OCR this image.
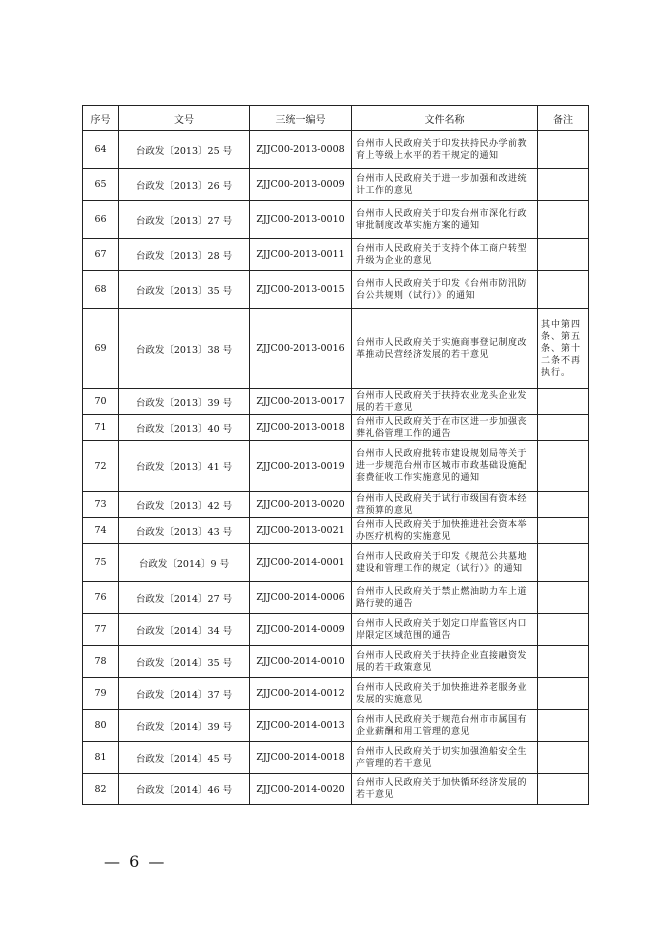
序号	文号	三统一编号	文件名称	备注
64	台政发〔2013〕25 号	ZJJC00-2013-0008	台州市人民政府关于印发扶持民办学前教育上等级上水平的若干规定的通知	
65	台政发〔2013〕26 号	ZJJC00-2013-0009	台州市人民政府关于进一步加强和改进统计工作的意见	
66	台政发〔2013〕27 号	ZJJC00-2013-0010	台州市人民政府关于印发台州市深化行政审批制度改革实施方案的通知	
67	台政发〔2013〕28 号	ZJJC00-2013-0011	台州市人民政府关于支持个体工商户转型升级为企业的意见	
68	台政发〔2013〕35 号	ZJJC00-2013-0015	台州市人民政府关于印发《台州市防汛防台公共规则（试行）》的通知	
69	台政发〔2013〕38 号	ZJJC00-2013-0016	台州市人民政府关于实施商事登记制度改革推动民营经济发展的若干意见	其中第四条、第五条、第十二条不再执行。
70	台政发〔2013〕39 号	ZJJC00-2013-0017	台州市人民政府关于扶持农业龙头企业发展的若干意见	
71	台政发〔2013〕40 号	ZJJC00-2013-0018	台州市人民政府关于在市区进一步加强丧葬礼俗管理工作的通告	
72	台政发〔2013〕41 号	ZJJC00-2013-0019	台州市人民政府批转市建设规划局等关于进一步规范台州市区城市市政基础设施配套费征收工作实施意见的通知	
73	台政发〔2013〕42 号	ZJJC00-2013-0020	台州市人民政府关于试行市级国有资本经营预算的意见	
74	台政发〔2013〕43 号	ZJJC00-2013-0021	台州市人民政府关于加快推进社会资本举办医疗机构的实施意见	
75	台政发〔2014〕9 号	ZJJC00-2014-0001	台州市人民政府关于印发《规范公共墓地建设和管理工作的规定（试行）》的通知	
76	台政发〔2014〕27 号	ZJJC00-2014-0006	台州市人民政府关于禁止燃油助力车上道路行驶的通告	
77	台政发〔2014〕34 号	ZJJC00-2014-0009	台州市人民政府关于划定口岸监管区内口岸限定区域范围的通告	
78	台政发〔2014〕35 号	ZJJC00-2014-0010	台州市人民政府关于扶持企业直接融资发展的若干政策意见	
79	台政发〔2014〕37 号	ZJJC00-2014-0012	台州市人民政府关于加快推进养老服务业发展的实施意见	
80	台政发〔2014〕39 号	ZJJC00-2014-0013	台州市人民政府关于规范台州市市属国有企业薪酬和用工管理的意见	
81	台政发〔2014〕45 号	ZJJC00-2014-0018	台州市人民政府关于切实加强渔船安全生产管理的若干意见	
82	台政发〔2014〕46 号	ZJJC00-2014-0020	台州市人民政府关于加快循环经济发展的若干意见	
— 6 —
